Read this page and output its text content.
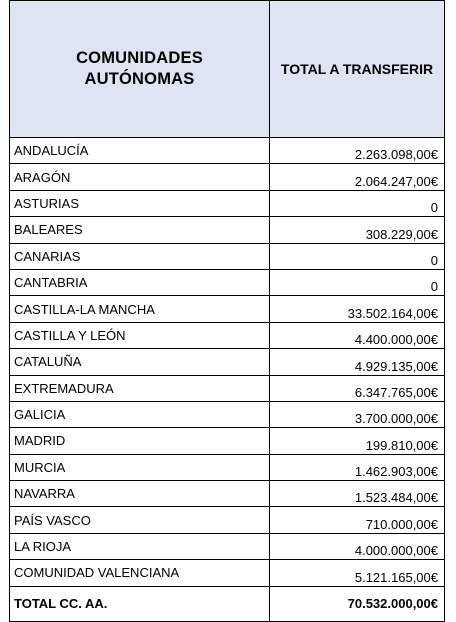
COMUNIDADES
AUTÓNOMAS	TOTAL A TRANSFERIR
ANDALUCÍA	2.263.098,00€
ARAGÓN	2.064.247,00€
ASTURIAS	0
BALEARES	308.229,00€
CANARIAS	0
CANTABRIA	0
CASTILLA-LA MANCHA	33.502.164,00€
CASTILLA Y LEÓN	4.400.000,00€
CATALUÑA	4.929.135,00€
EXTREMADURA	6.347.765,00€
GALICIA	3.700.000,00€
MADRID	199.810,00€
MURCIA	1.462.903,00€
NAVARRA	1.523.484,00€
PAÍS VASCO	710.000,00€
LA RIOJA	4.000.000,00€
COMUNIDAD VALENCIANA	5.121.165,00€
TOTAL CC. AA.	70.532.000,00€
